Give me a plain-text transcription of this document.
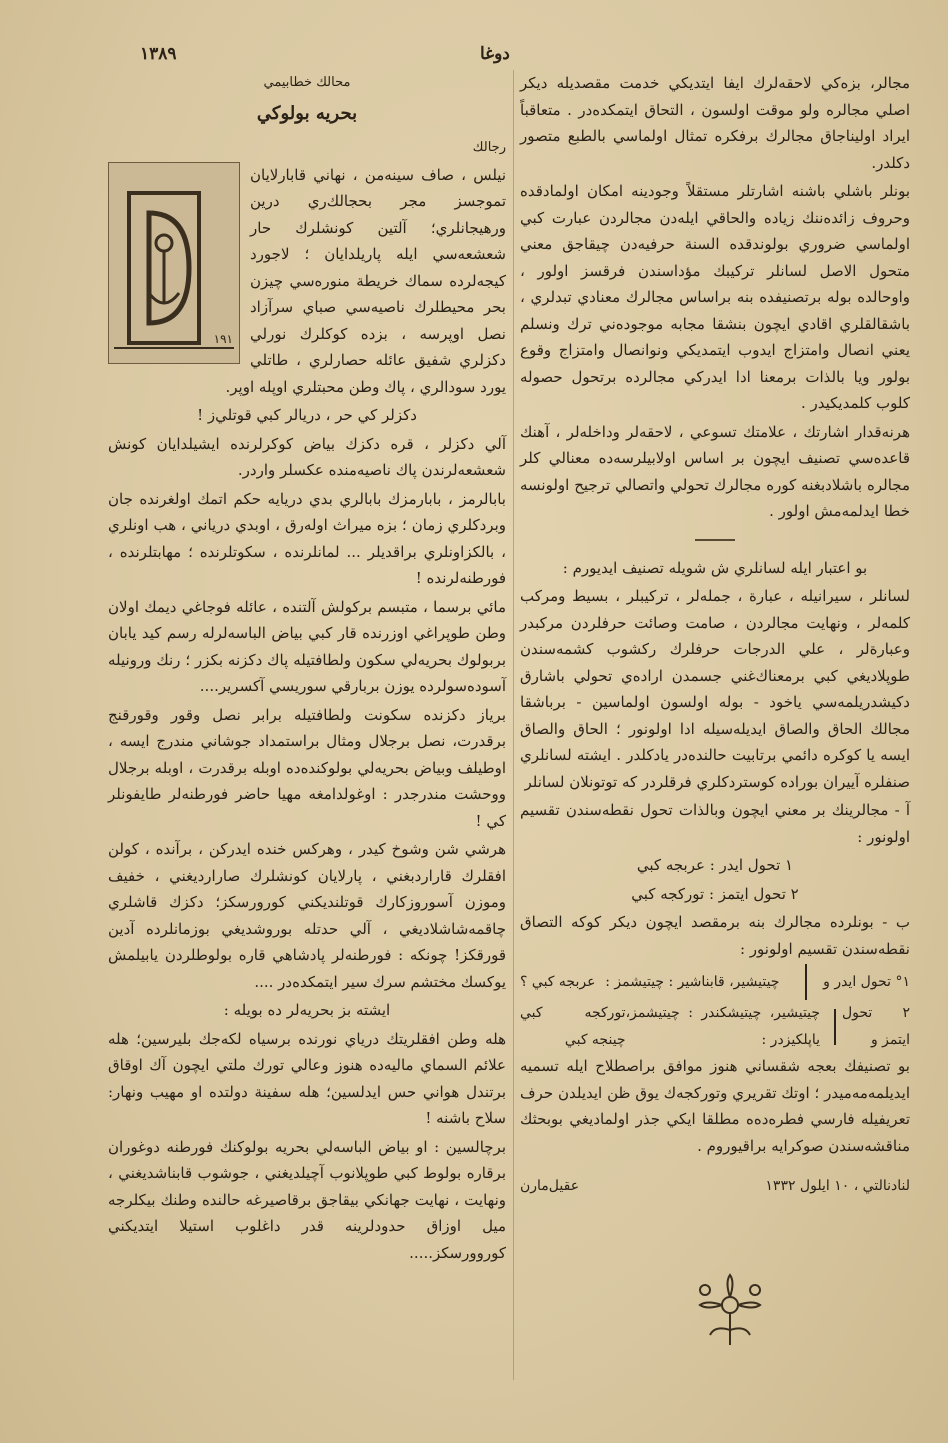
١٣٨٩	دوغا

مجالر، بزه‌کي لاحقه‌لرك ايفا ايتديكي خدمت مقصدیله ديكر اصلي مجالره ولو موقت اولسون ، التحاق ايتمكده‌در . متعاقباً ايراد اوليناجاق مجالرك برفكره تمثال اولماسي بالطبع متصور دكلدر.

بونلر باشلي باشنه اشارتلر مستقلاً وجودينه امكان اولمادقده وحروف زائده‌ننك زياده والحاقي ايله‌دن مجالردن عبارت كبي اولماسي ضروري بولوندقده السنة حرفيه‌دن چيقاجق معني متحول الاصل لسانلر تركيبك مؤداسندن فرقسز اولور ، واوحالده بوله برتصنيفده بنه براساس مجالرك معنادي تبدلري ، باشقالقلري اقادي ايچون بنشقا مجابه موجوده‌ني ترك ونسلم يعني انصال وامتزاج ايدوب ايتمديكي ونوانصال وامتزاج وقوع بولور ويا بالذات برمعنا ادا ايدركي مجالرده برتحول حصوله كلوب كلمديكيدر .

هرنه‌قدار اشارتك ، علامتك تسوعي ، لاحقه‌لر وداخله‌لر ، آهنك قاعده‌سي تصنيف ايچون بر اساس اولابيلرسه‌ده معنالي كلر مجالره باشلادبغنه كوره مجالرك تحولي واتصالي ترجيح اولونسه خطا ايدلمه‌مش اولور .

بو اعتبار ايله لسانلري ش شويله تصنيف ايديورم :

لسانلر ، سيرانيله ، عبارة ، جمله‌لر ، تركيبلر ، بسيط ومركب كلمه‌لر ، ونهايت مجالردن ، صامت وصائت حرفلردن مركبدر وعبارة‌لر ، علي الدرجات حرفلرك ركشوب كشمه‌سندن طوپلاديغي كبي برمعناك‌غني جسمدن اراده‌ي تحولي باشارق دكيشدر‌يلمه‌سي ياخود - بوله اولسون اولماسين - برباشقا مجالك الحاق والصاق ايديله‌سيله ادا اولونور ؛ الحاق والصاق ايسه يا كوكره دائمي برتابيت حالنده‌در يادكلدر . ايشته لسانلري صنفلره آييران بوراده كوستردكلري فرقلردر كه توتونلان لسانلر

آ - مجالرينك بر معني ايچون وبالذات تحول نقطه‌سندن تقسيم اولونور :

١ تحول ايدر : عربجه كبي

٢ تحول ايتمز : توركجه كبي

ب - بونلرده مجالرك بنه برمقصد ايچون ديكر كوكه التصاق نقطه‌سندن تقسيم اولونور :

١° تحول ايدر و
چيتيشير، قابناشير : چيتيشمز :
عربجه كبي ؟
٢ تحول ايتمز و
چيتيشير، چيتيشكندر : چيتيشمز، ياپلكيزدر :
توركجه كبي چينجه كبي

بو تصنيفك بعجه شقساني هنوز موافق براصطلاح ايله تسميه ايديلمه‌مه‌ميدر ؛ اوتك تقريري وتوركجه‌ك يوق ظن ايديلدن حرف تعريفيله فارسي فطره‌ده‌ه مطلقا ايكي جذر اولماديغي بوبحثك مناقشه‌سندن صوكرايه براقيوروم .

لنادنالتي ، ١٠ ايلول ١٣٣٢
عقيل‌مارن
محالك خطابيمي
بحريه بولوكي
رجالك
١٩١

نيلس ، صاف سينه‌من ، نهاني قابارلايان تموجسز مجر بحجالك‌ري درين ورهيجانلري؛ آلتين كونشلرك حار شعشعه‌سي ايله پاريلدايان ؛ لاجورد كيجه‌لرده سماك خريطة منوره‌سي چيزن بحر محيطلرك ناصيه‌سي صباي سرآزاد نصل اوپرسه ، بزده كوكلرك نورلي دكزلري شفيق عائله حصارلري ، طاتلي يورد سودالري ، پاك وطن محبتلري اوپله اوپر.

دكزلر كي حر ، دريالر كبي قوتلي‌ز !

آلي دكزلر ، قره دكزك بياض كوكرلرنده ايشيلدايان كونش شعشعه‌لرندن پاك ناصيه‌منده عكسلر واردر.

بابالرمز ، بابارمزك بابالري بدي دريايه حكم اتمك اولغرنده جان وبردكلري زمان ؛ بزه ميراث اوله‌رق ، اوبدي درياني ، هب اونلري ، بالكزاونلري براقديلر ... لمانلرنده ، سكوتلرنده ؛ مهابتلرنده ، فورطنه‌لرنده !

مائي برسما ، متبسم بركولش آلتنده ، عائله فوجاغي ديمك اولان وطن طوپراغي اوزرنده قار كبي بياض الباسه‌لرله رسم كيد يابان بربولوك بحريه‌لي سكون ولطافتيله پاك دكزنه بكزر ؛ رنك ورونيله آسوده‌سولرده يوزن بربارقي سوريسي آكسرير....

برياز دكزنده سكونت ولطافتيله برابر نصل وقور وقورقنج برقدرت، نصل برجلال ومثال براستمداد جوشاني مندرج ايسه ، اوطيلف وبياض بحريه‌لي بولوكنده‌ده اوبله برقدرت ، اوبله برجلال ووحشت مندرجدر : اوغولدامغه مهيا حاضر فورطنه‌لر طايفونلر كي !

هرشي شن وشوخ كيدر ، وهركس خنده ايدركن ، برآنده ، كولن افقلرك قاراردبغني ، پارلايان كونشلرك صارارديغني ، خفيف وموزن آسوروزكارك قوتلنديكني كورورسكز؛ دكزك قاشلري چاقمه‌شاشلاديغي ، آلي حدتله بوروشديغي بوزمانلرده آدين قورقكز! چونكه : فورطنه‌لر پادشاهي قاره بولوطلردن يابيلمش يوكسك مختشم سرك سير ايتمكده‌در ....

ايشته بز بحريه‌لر ده بويله :

هله وطن افقلريتك درياي نورنده برسياه لكه‌جك بليرسين؛ هله علائم السماي ماليه‌ده هنوز وعالي تورك ملتي ايچون آك اوقاق برتندل هواني حس ايدلسين؛ هله سفينة دولتده او مهيب ونهار: سلاح باشنه !

برچالسين : او بياض الباسه‌لي بحريه بولوكنك فورطنه دوغوران برقاره بولوط كبي طوپلانوب آچيلديغني ، جوشوب قابناشديغني ، ونهايت ، نهايت جهانكي بيقاجق برقاصيرغه حالنده وطنك بيكلرجه ميل اوزاق حدودلرينه قدر داغلوب استيلا ايتديكني كوروورسكز.....
